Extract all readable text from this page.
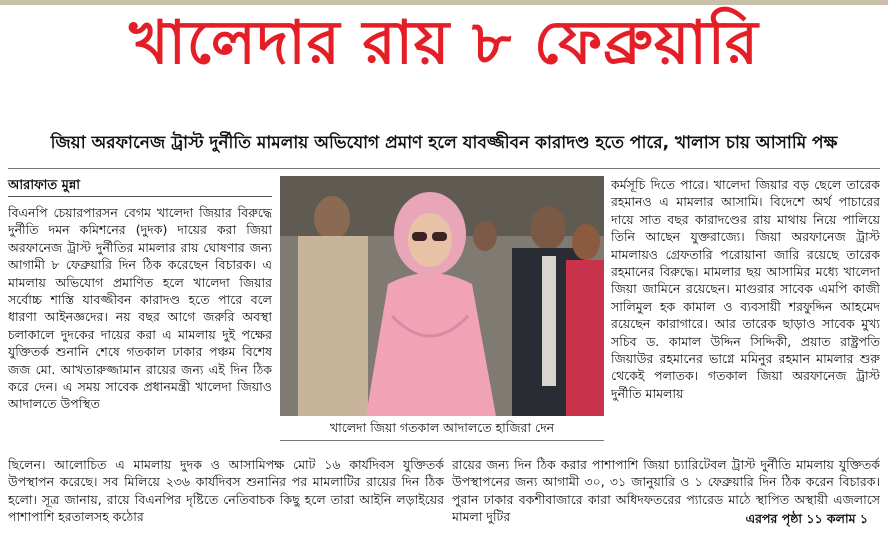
খালেদার রায় ৮ ফেব্রুয়ারি
জিয়া অরফানেজ ট্রাস্ট দুর্নীতি মামলায় অভিযোগ প্রমাণ হলে যাবজ্জীবন কারাদণ্ড হতে পারে, খালাস চায় আসামি পক্ষ
আরাফাত মুন্না
বিএনপি চেয়ারপারসন বেগম খালেদা জিয়ার বিরুদ্ধে দুর্নীতি দমন কমিশনের (দুদক) দায়ের করা জিয়া অরফানেজ ট্রাস্ট দুর্নীতির মামলার রায় ঘোষণার জন্য আগামী ৮ ফেব্রুয়ারি দিন ঠিক করেছেন বিচারক। এ মামলায় অভিযোগ প্রমাণিত হলে খালেদা জিয়ার সর্বোচ্চ শাস্তি যাবজ্জীবন কারাদণ্ড হতে পারে বলে ধারণা আইনজ্ঞদের। নয় বছর আগে জরুরি অবস্থা চলাকালে দুদকের দায়ের করা এ মামলায় দুই পক্ষের যুক্তিতর্ক শুনানি শেষে গতকাল ঢাকার পঞ্চম বিশেষ জজ মো. আখতারুজ্জামান রায়ের জন্য এই দিন ঠিক করে দেন। এ সময় সাবেক প্রধানমন্ত্রী খালেদা জিয়াও আদালতে উপস্থিত
খালেদা জিয়া গতকাল আদালতে হাজিরা দেন
কর্মসূচি দিতে পারে। খালেদা জিয়ার বড় ছেলে তারেক রহমানও এ মামলার আসামি। বিদেশে অর্থ পাচারের দায়ে সাত বছর কারাদণ্ডের রায় মাথায় নিয়ে পালিয়ে তিনি আছেন যুক্তরাজ্যে। জিয়া অরফানেজ ট্রাস্ট মামলায়ও গ্রেফতারি পরোয়ানা জারি রয়েছে তারেক রহমানের বিরুদ্ধে। মামলার ছয় আসামির মধ্যে খালেদা জিয়া জামিনে রয়েছেন। মাগুরার সাবেক এমপি কাজী সালিমুল হক কামাল ও ব্যবসায়ী শরফুদ্দিন আহমেদ রয়েছেন কারাগারে। আর তারেক ছাড়াও সাবেক মুখ্য সচিব ড. কামাল উদ্দিন সিদ্দিকী, প্রয়াত রাষ্ট্রপতি জিয়াউর রহমানের ভাগ্নে মমিনুর রহমান মামলার শুরু থেকেই পলাতক। গতকাল জিয়া অরফানেজ ট্রাস্ট দুর্নীতি মামলায়
ছিলেন। আলোচিত এ মামলায় দুদক ও আসামিপক্ষ মোট ১৬ কার্যদিবস যুক্তিতর্ক উপস্থাপন করেছে। সব মিলিয়ে ২৩৬ কার্যদিবস শুনানির পর মামলাটির রায়ের দিন ঠিক হলো। সূত্র জানায়, রায়ে বিএনপির দৃষ্টিতে নেতিবাচক কিছু হলে তারা আইনি লড়াইয়ের পাশাপাশি হরতালসহ কঠোর
রায়ের জন্য দিন ঠিক করার পাশাপাশি জিয়া চ্যারিটেবল ট্রাস্ট দুর্নীতি মামলায় যুক্তিতর্ক উপস্থাপনের জন্য আগামী ৩০, ৩১ জানুয়ারি ও ১ ফেব্রুয়ারি দিন ঠিক করেন বিচারক। পুরান ঢাকার বকশীবাজারে কারা অধিদফতরের প্যারেড মাঠে স্থাপিত অস্থায়ী এজলাসে মামলা দুটির	এরপর পৃষ্ঠা ১১ কলাম ১
